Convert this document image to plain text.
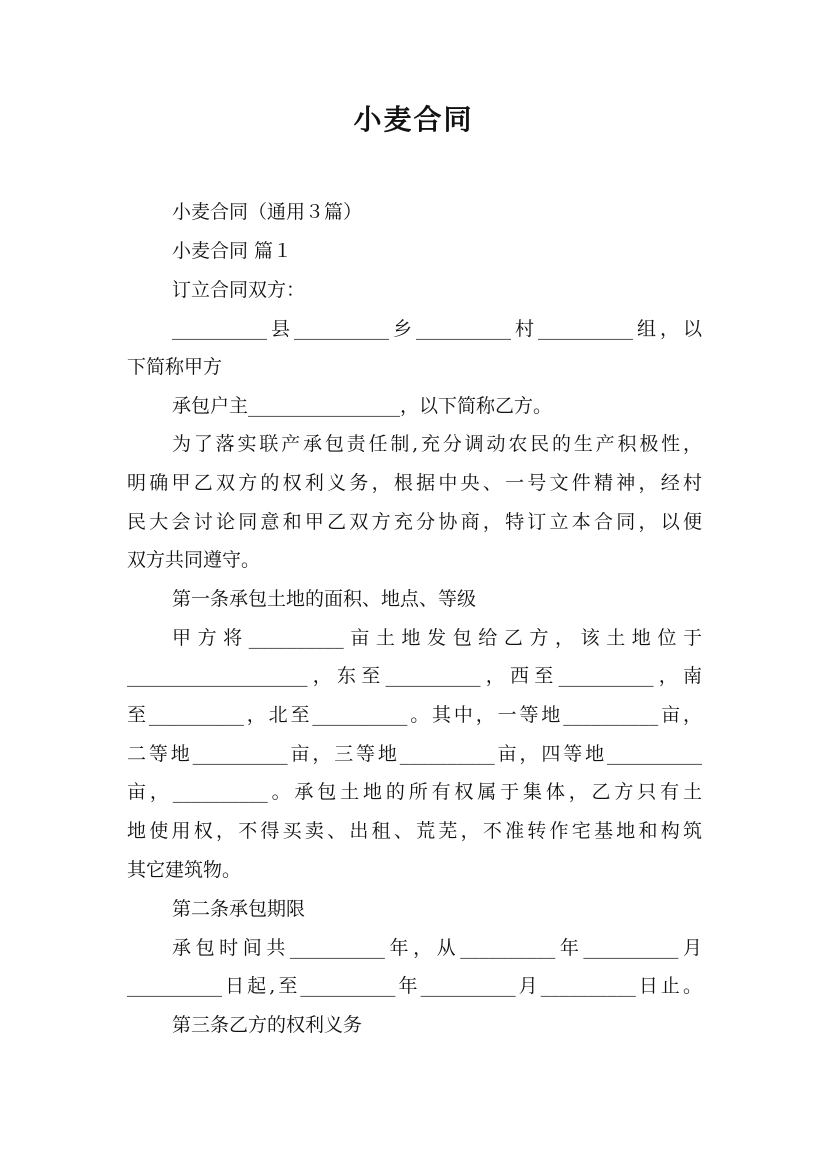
小麦合同
小麦合同（通用３篇）
小麦合同 篇１
订立合同双方：
__________县__________乡__________村__________组，以
下简称甲方
承包户主________________，以下简称乙方。
为了落实联产承包责任制,充分调动农民的生产积极性，
明确甲乙双方的权利义务，根据中央、一号文件精神，经村
民大会讨论同意和甲乙双方充分协商，特订立本合同，以便
双方共同遵守。
第一条承包土地的面积、地点、等级
甲方将__________亩土地发包给乙方，该土地位于
___________________，东至__________，西至__________，南
至__________，北至__________。其中，一等地__________亩，
二等地__________亩，三等地__________亩，四等地__________
亩，__________。承包土地的所有权属于集体，乙方只有土
地使用权，不得买卖、出租、荒芜，不准转作宅基地和构筑
其它建筑物。
第二条承包期限
承包时间共__________年，从__________年__________月
__________日起,至__________年__________月__________日止。
第三条乙方的权利义务
